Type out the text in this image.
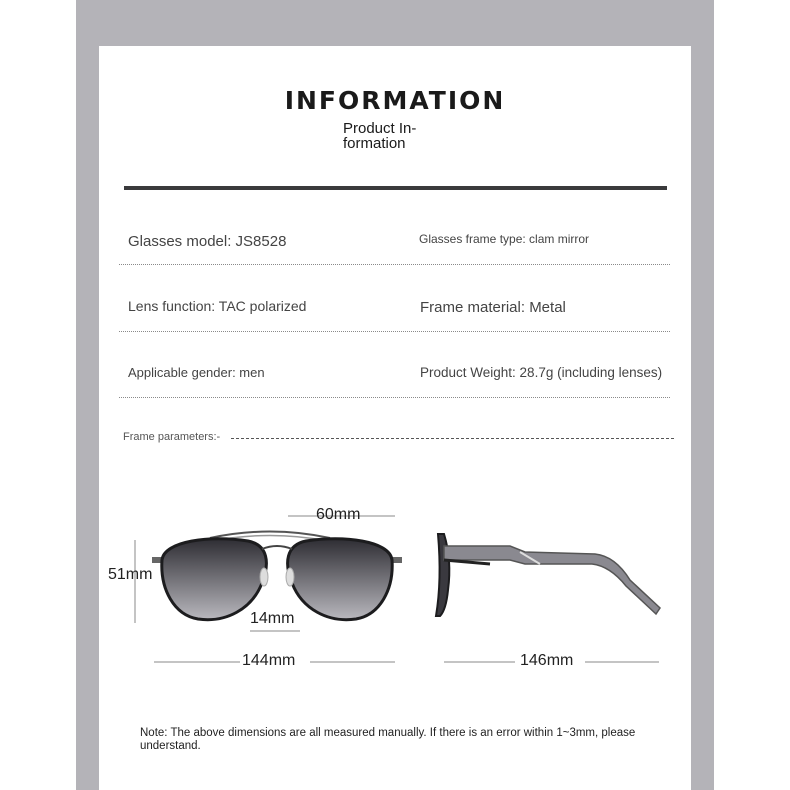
INFORMATION
Product In-
formation
Glasses model: JS8528	Glasses frame type: clam mirror
Lens function: TAC polarized	Frame material: Metal
Applicable gender: men	Product Weight: 28.7g (including lenses)
Frame parameters:-
60mm
51mm
14mm
144mm	146mm
Note: The above dimensions are all measured manually. If there is an error within 1~3mm, please
understand.
